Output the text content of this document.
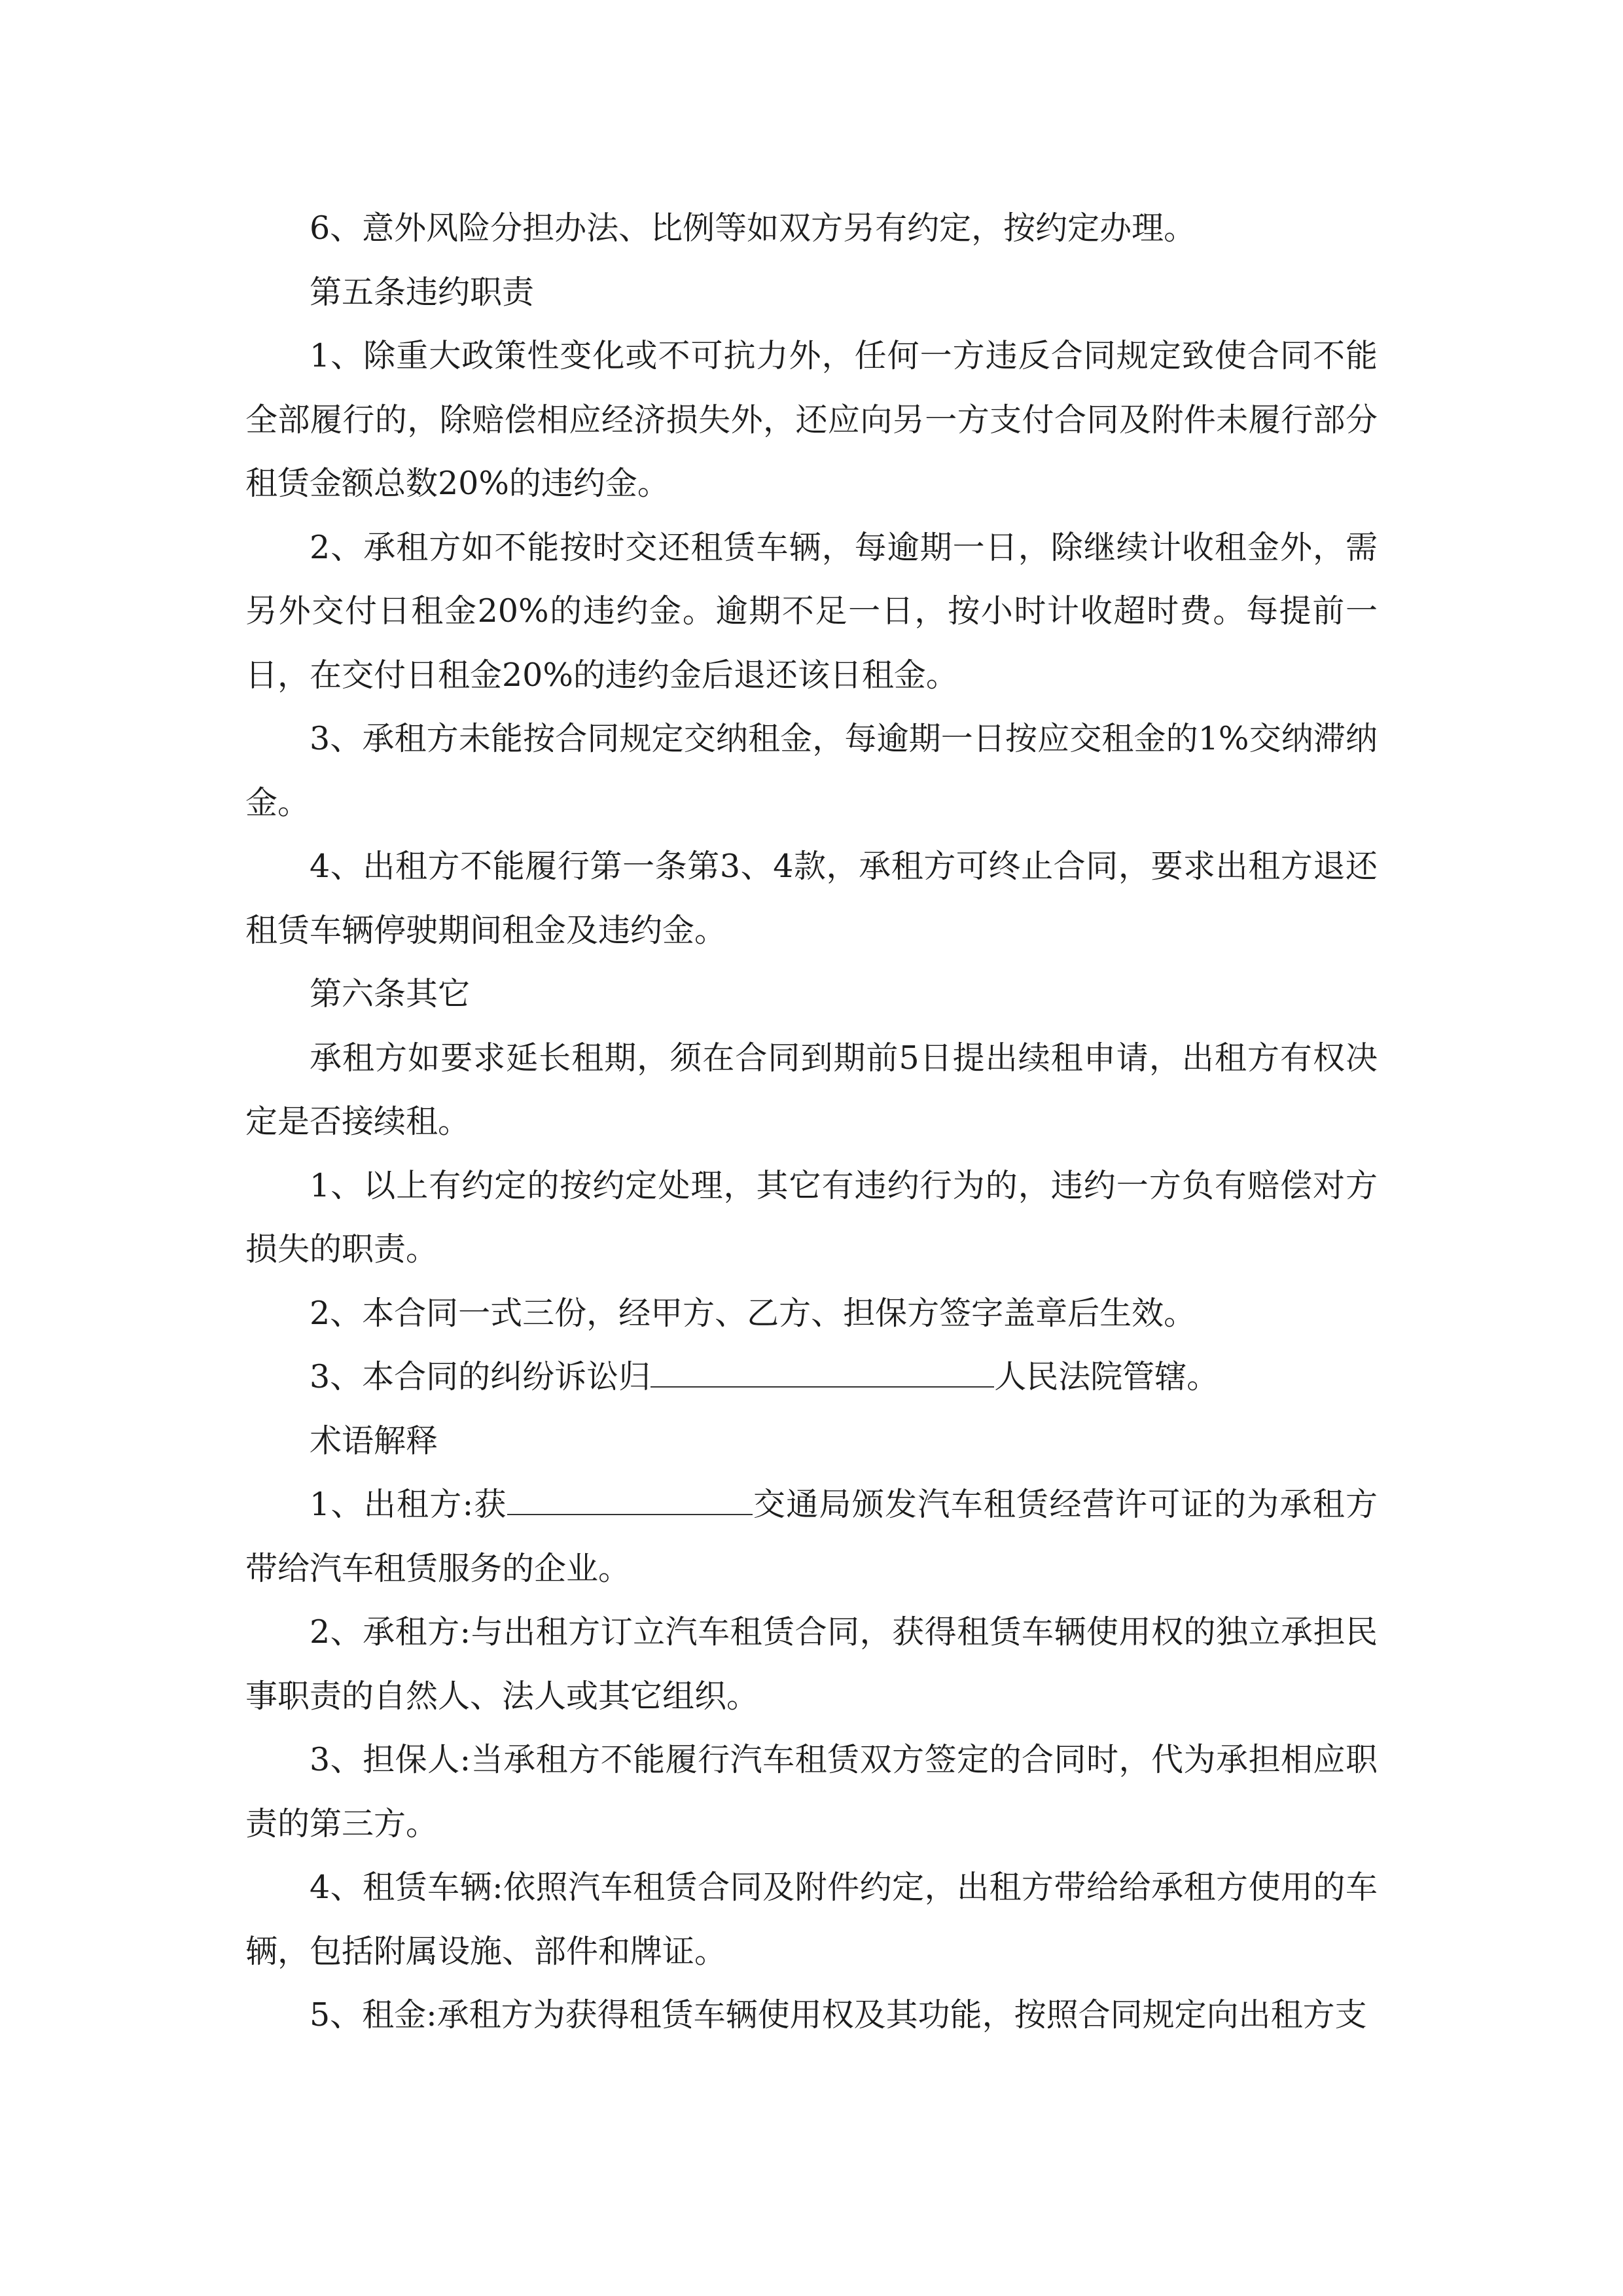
6、意外风险分担办法、比例等如双方另有约定，按约定办理。

第五条违约职责

1、除重大政策性变化或不可抗力外，任何一方违反合同规定致使合同不能全部履行的，除赔偿相应经济损失外，还应向另一方支付合同及附件未履行部分租赁金额总数20%的违约金。

2、承租方如不能按时交还租赁车辆，每逾期一日，除继续计收租金外，需另外交付日租金20%的违约金。逾期不足一日，按小时计收超时费。每提前一日，在交付日租金20%的违约金后退还该日租金。

3、承租方未能按合同规定交纳租金，每逾期一日按应交租金的1%交纳滞纳金。

4、出租方不能履行第一条第3、4款，承租方可终止合同，要求出租方退还租赁车辆停驶期间租金及违约金。

第六条其它

承租方如要求延长租期，须在合同到期前5日提出续租申请，出租方有权决定是否接续租。

1、以上有约定的按约定处理，其它有违约行为的，违约一方负有赔偿对方损失的职责。

2、本合同一式三份，经甲方、乙方、担保方签字盖章后生效。

3、本合同的纠纷诉讼归	人民法院管辖。

术语解释

1、出租方:获	交通局颁发汽车租赁经营许可证的为承租方带给汽车租赁服务的企业。

2、承租方:与出租方订立汽车租赁合同，获得租赁车辆使用权的独立承担民事职责的自然人、法人或其它组织。

3、担保人:当承租方不能履行汽车租赁双方签定的合同时，代为承担相应职责的第三方。

4、租赁车辆:依照汽车租赁合同及附件约定，出租方带给给承租方使用的车辆，包括附属设施、部件和牌证。

5、租金:承租方为获得租赁车辆使用权及其功能，按照合同规定向出租方支
